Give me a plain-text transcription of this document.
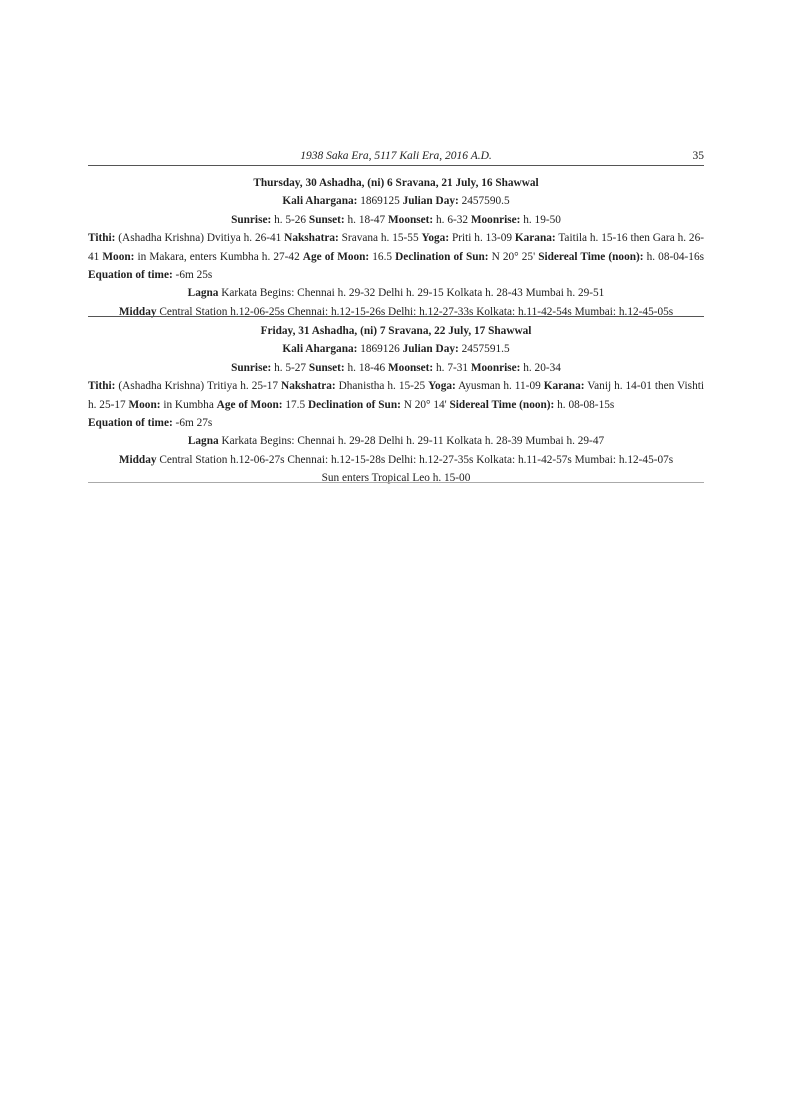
1938 Saka Era, 5117 Kali Era, 2016 A.D.	35
Thursday, 30 Ashadha, (ni) 6 Sravana, 21 July, 16 Shawwal
Kali Ahargana: 1869125 Julian Day: 2457590.5
Sunrise: h. 5-26 Sunset: h. 18-47 Moonset: h. 6-32 Moonrise: h. 19-50

Tithi: (Ashadha Krishna) Dvitiya h. 26-41 Nakshatra: Sravana h. 15-55 Yoga: Priti h. 13-09 Karana: Taitila h. 15-16 then Gara h. 26-41 Moon: in Makara, enters Kumbha h. 27-42 Age of Moon: 16.5 Declination of Sun: N 20° 25' Sidereal Time (noon): h. 08-04-16s Equation of time: -6m 25s

Lagna Karkata Begins: Chennai h. 29-32 Delhi h. 29-15 Kolkata h. 28-43 Mumbai h. 29-51
Midday Central Station h.12-06-25s Chennai: h.12-15-26s Delhi: h.12-27-33s Kolkata: h.11-42-54s Mumbai: h.12-45-05s
Friday, 31 Ashadha, (ni) 7 Sravana, 22 July, 17 Shawwal
Kali Ahargana: 1869126 Julian Day: 2457591.5
Sunrise: h. 5-27 Sunset: h. 18-46 Moonset: h. 7-31 Moonrise: h. 20-34

Tithi: (Ashadha Krishna) Tritiya h. 25-17 Nakshatra: Dhanistha h. 15-25 Yoga: Ayusman h. 11-09 Karana: Vanij h. 14-01 then Vishti h. 25-17 Moon: in Kumbha Age of Moon: 17.5 Declination of Sun: N 20° 14' Sidereal Time (noon): h. 08-08-15s
Equation of time: -6m 27s

Lagna Karkata Begins: Chennai h. 29-28 Delhi h. 29-11 Kolkata h. 28-39 Mumbai h. 29-47
Midday Central Station h.12-06-27s Chennai: h.12-15-28s Delhi: h.12-27-35s Kolkata: h.11-42-57s Mumbai: h.12-45-07s
Sun enters Tropical Leo h. 15-00
